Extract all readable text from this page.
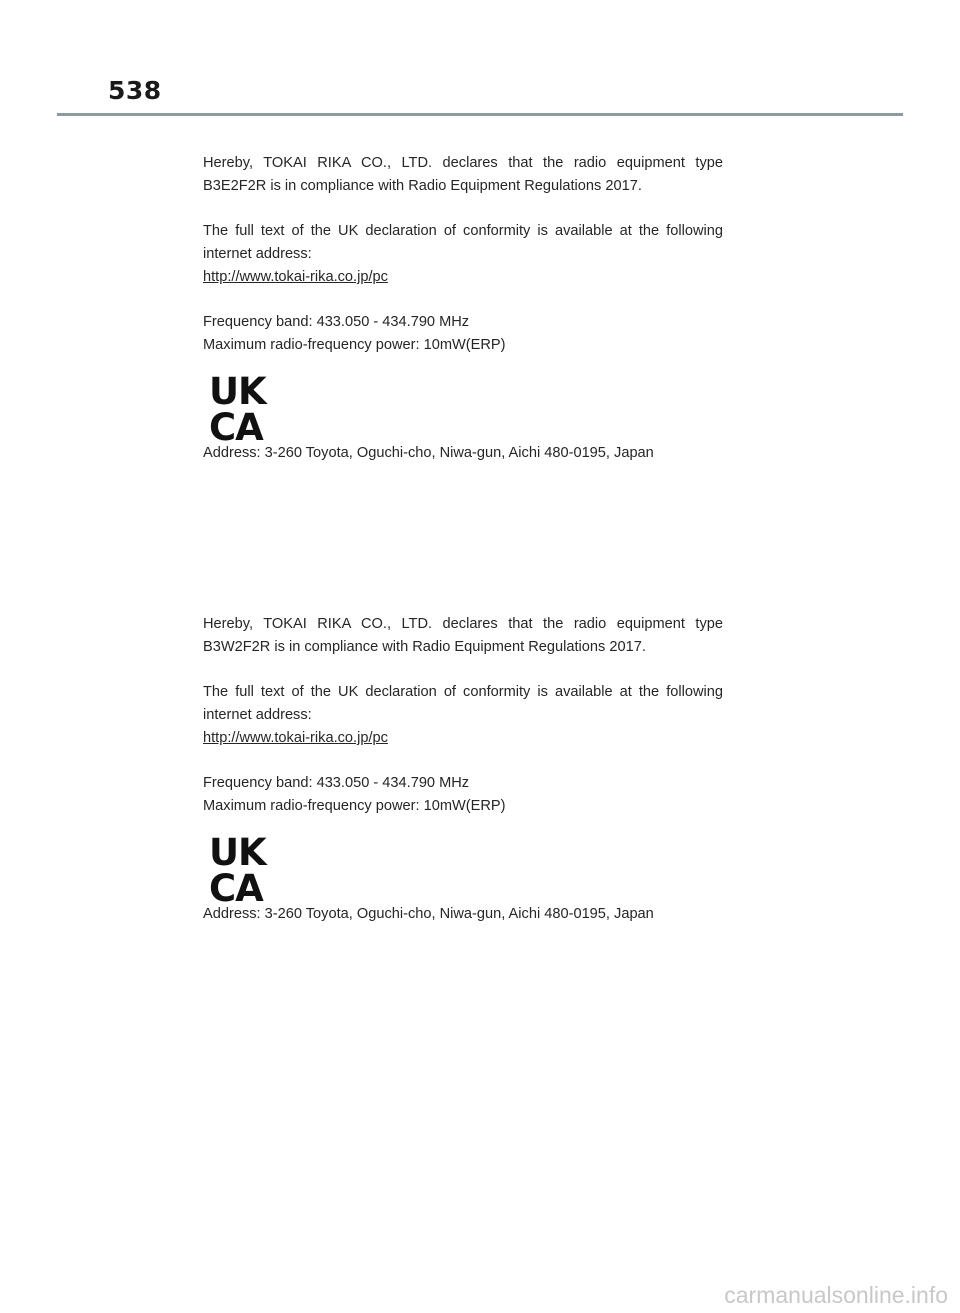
538

Hereby, TOKAI RIKA CO., LTD. declares that the radio equipment type B3E2F2R is in compliance with Radio Equipment Regulations 2017.

The full text of the UK declaration of conformity is available at the following internet address:

http://www.tokai-rika.co.jp/pc

Frequency band: 433.050 - 434.790 MHz

Maximum radio-frequency power: 10mW(ERP)

UK
CA

Address: 3-260 Toyota, Oguchi-cho, Niwa-gun, Aichi 480-0195, Japan

Hereby, TOKAI RIKA CO., LTD. declares that the radio equipment type B3W2F2R is in compliance with Radio Equipment Regulations 2017.

The full text of the UK declaration of conformity is available at the following internet address:

http://www.tokai-rika.co.jp/pc

Frequency band: 433.050 - 434.790 MHz

Maximum radio-frequency power: 10mW(ERP)

UK
CA

Address: 3-260 Toyota, Oguchi-cho, Niwa-gun, Aichi 480-0195, Japan

carmanualsonline.info
